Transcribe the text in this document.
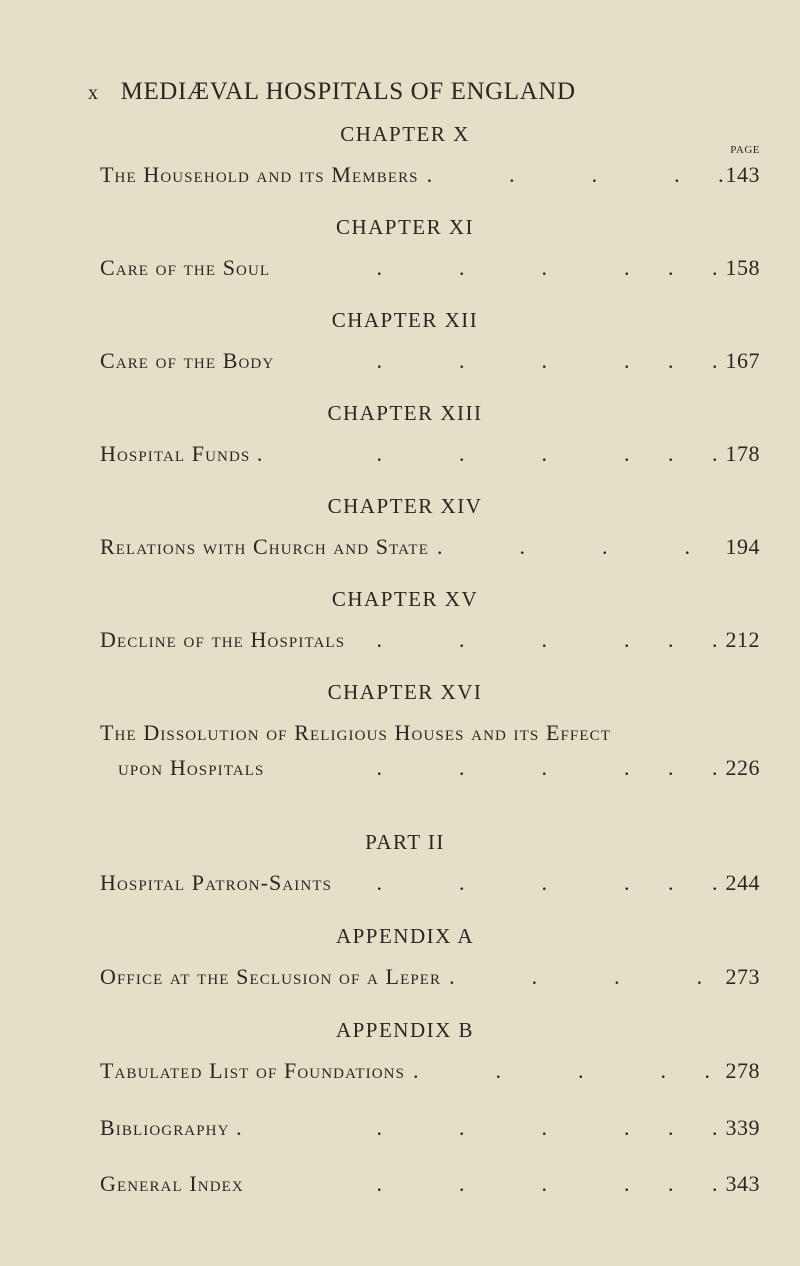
x MEDIÆVAL HOSPITALS OF ENGLAND
PAGE
CHAPTER X
The Household and its Members .	143
CHAPTER XI
Care of the Soul .	158
CHAPTER XII
Care of the Body .	167
CHAPTER XIII
Hospital Funds . .	178
CHAPTER XIV
Relations with Church and State .	194
CHAPTER XV
Decline of the Hospitals .	212
CHAPTER XVI
The Dissolution of Religious Houses and its Effect
upon Hospitals .	226
PART II
Hospital Patron-Saints .	244
APPENDIX A
Office at the Seclusion of a Leper .	273
APPENDIX B
Tabulated List of Foundations .	278
Bibliography . .	339
General Index .	343
